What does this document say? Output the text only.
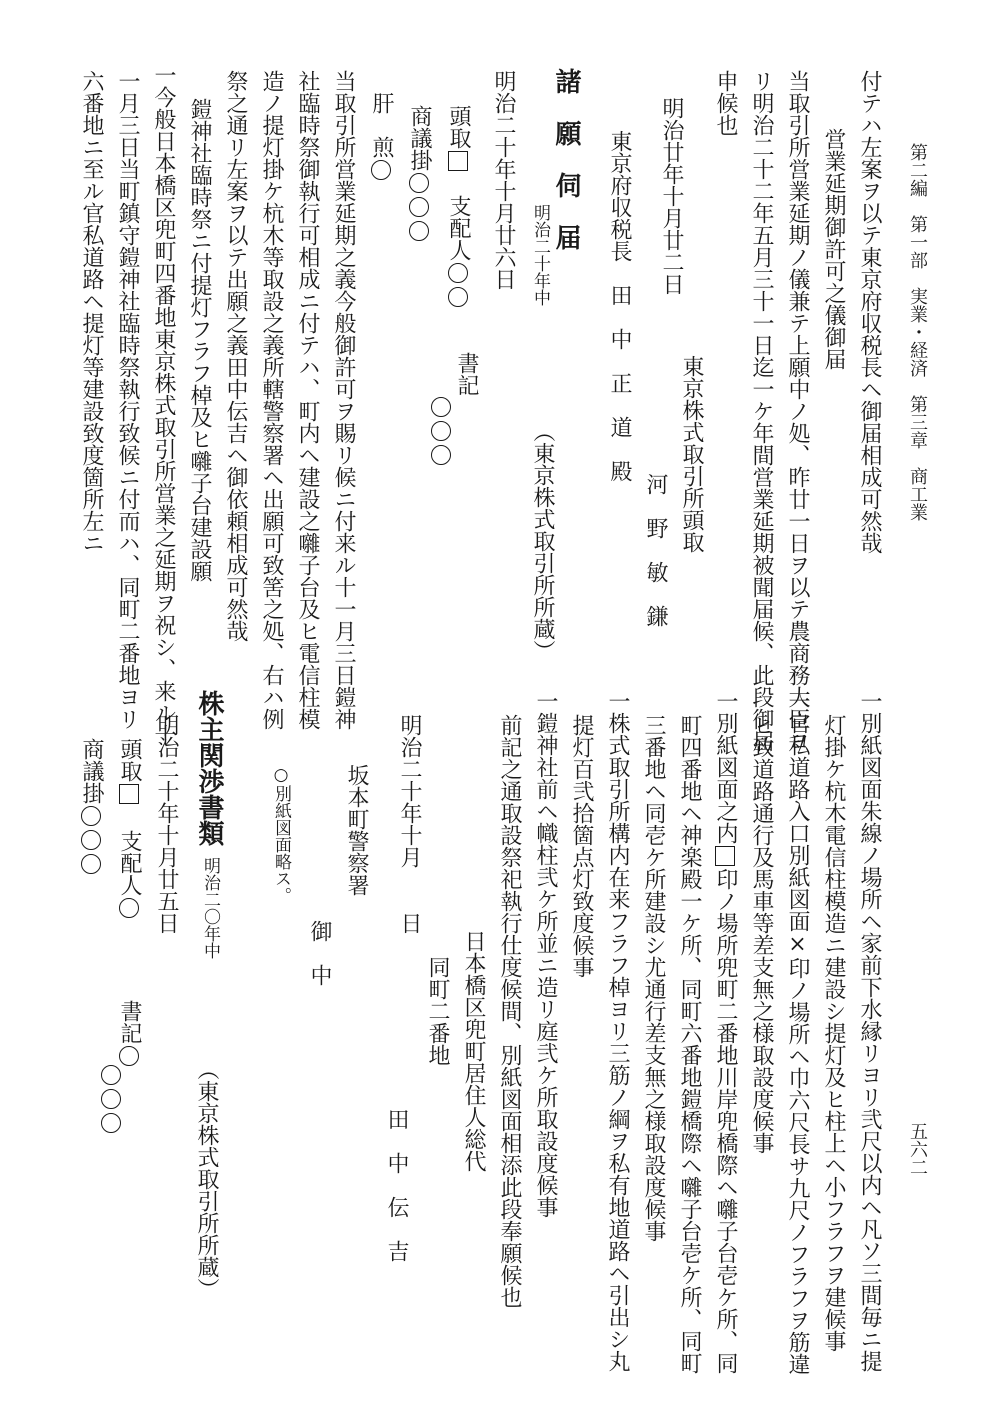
第二編　第一部　実業・経済　第三章　商工業
五六二
付テハ左案ヲ以テ東京府収税長ヘ御届相成可然哉
営業延期御許可之儀御届
当取引所営業延期ノ儀兼テ上願中ノ処、昨廿一日ヲ以テ農商務大臣ヨ
リ明治二十二年五月三十一日迄一ケ年間営業延期被聞届候、此段御届
申候也
明治廿年十月廿二日
東京株式取引所頭取
東京府収税長　田　中　正　道　殿
河　野　敏　鎌
諸　願　伺　届
明治二十年中
（東京株式取引所所蔵）
明治二十年十月廿六日
頭取
支配人
書記
商議掛
肝　煎
当取引所営業延期之義今般御許可ヲ賜リ候ニ付来ル十一月三日鎧神
社臨時祭御執行可相成ニ付テハ、町内ヘ建設之囃子台及ヒ電信柱模
造ノ提灯掛ケ杭木等取設之義所轄警察署ヘ出願可致筈之処、右ハ例
祭之通リ左案ヲ以テ出願之義田中伝吉ヘ御依頼相成可然哉
鎧神社臨時祭ニ付提灯フラフ棹及ヒ囃子台建設願
一今般日本橋区兜町四番地東京株式取引所営業之延期ヲ祝シ、来ル十
一月三日当町鎮守鎧神社臨時祭執行致候ニ付而ハ、同町二番地ヨリ
六番地ニ至ル官私道路ヘ提灯等建設致度箇所左ニ
一別紙図面朱線ノ場所ヘ家前下水縁リヨリ弐尺以内ヘ凡ソ三間毎ニ提
灯掛ケ杭木電信柱模造ニ建設シ提灯及ヒ柱上ヘ小フラフヲ建候事
一官私道路入口別紙図面×印ノ場所ヘ巾六尺長サ九尺ノフラフヲ筋違
ヒ致道路通行及馬車等差支無之様取設度候事
一別紙図面之内印ノ場所兜町二番地川岸兜橋際ヘ囃子台壱ケ所、同
町四番地ヘ神楽殿一ケ所、同町六番地鎧橋際ヘ囃子台壱ケ所、同町
三番地ヘ同壱ケ所建設シ尤通行差支無之様取設度候事
一株式取引所構内在来フラフ棹ヨリ三筋ノ綱ヲ私有地道路ヘ引出シ丸
提灯百弐拾箇点灯致度候事
一鎧神社前ヘ幟柱弐ケ所並ニ造リ庭弐ケ所取設度候事
前記之通取設祭祀執行仕度候間、別紙図面相添此段奉願候也
日本橋区兜町居住人総代
同町二番地
田　中　伝　吉
明治二十年十月　　日
坂本町警察署
御　中
○別紙図面略ス。
株主関渉書類
明治二〇年中
（東京株式取引所所蔵）
明治二十年十月廿五日
頭取
支配人
書記
商議掛
